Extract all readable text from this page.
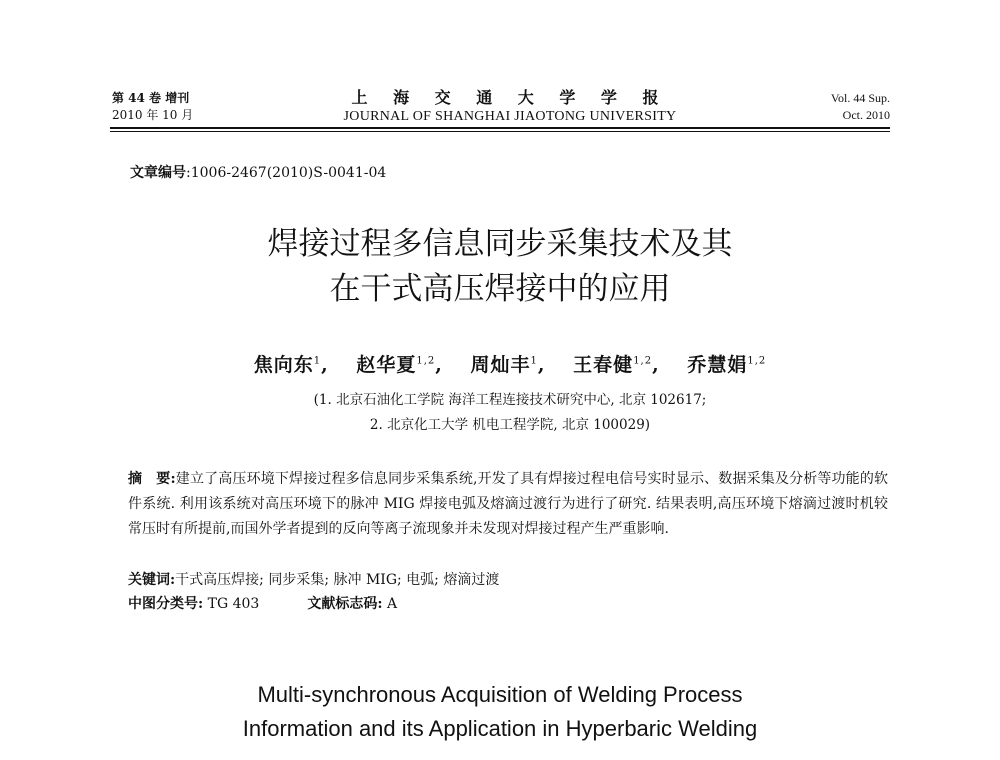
第 44 卷 增刊
2010 年 10 月
上 海 交 通 大 学 学 报
JOURNAL OF SHANGHAI JIAOTONG UNIVERSITY
Vol. 44 Sup.
Oct. 2010
文章编号:1006-2467(2010)S-0041-04
焊接过程多信息同步采集技术及其
在干式高压焊接中的应用
焦向东$^1$, 赵华夏$^{1,2}$, 周灿丰$^1$, 王春健$^{1,2}$, 乔慧娟$^{1,2}$
(1. 北京石油化工学院 海洋工程连接技术研究中心, 北京 102617;
2. 北京化工大学 机电工程学院, 北京 100029)
摘　要:建立了高压环境下焊接过程多信息同步采集系统,开发了具有焊接过程电信号实时显示、数据采集及分析等功能的软件系统. 利用该系统对高压环境下的脉冲 MIG 焊接电弧及熔滴过渡行为进行了研究. 结果表明,高压环境下熔滴过渡时机较常压时有所提前,而国外学者提到的反向等离子流现象并未发现对焊接过程产生严重影响.
关键词:干式高压焊接; 同步采集; 脉冲 MIG; 电弧; 熔滴过渡
中图分类号: TG 403	文献标志码: A
Multi-synchronous Acquisition of Welding Process
Information and its Application in Hyperbaric Welding
